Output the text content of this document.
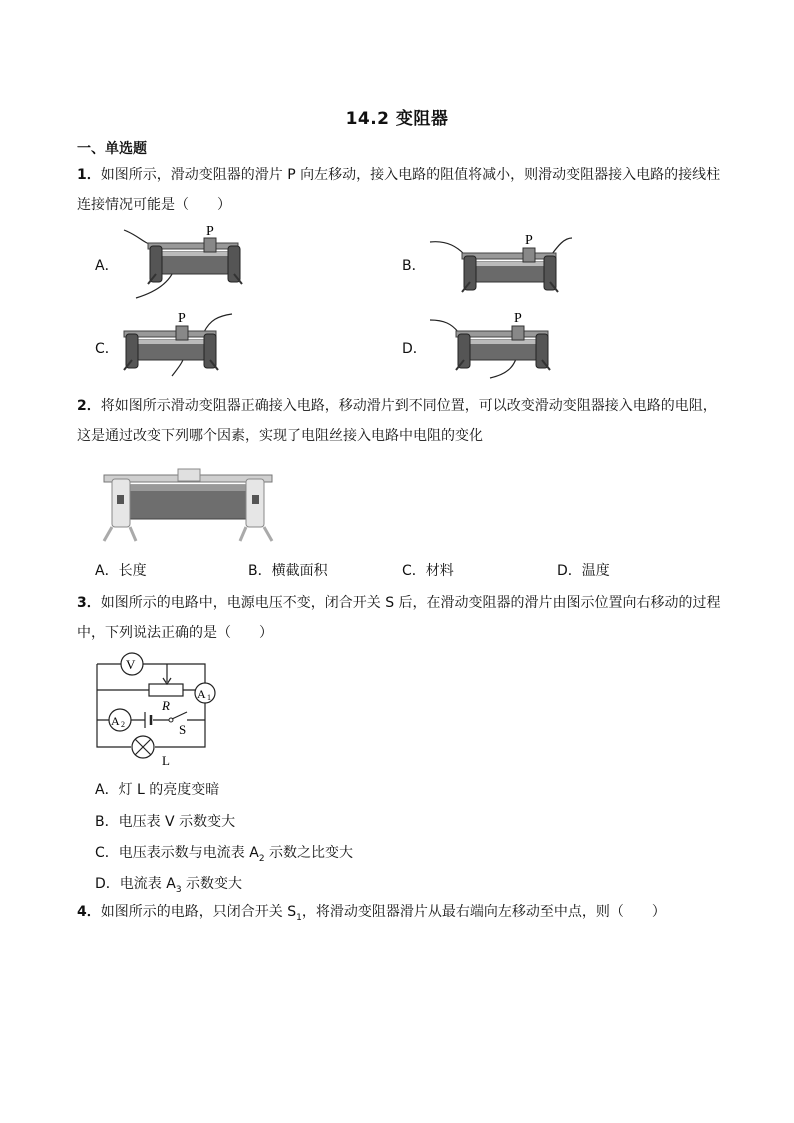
14.2 变阻器
一、单选题
1．如图所示，滑动变阻器的滑片 P 向左移动，接入电路的阻值将减小，则滑动变阻器接入电路的接线柱连接情况可能是（　　）
A．
P
B．
P
C．
P
D．
P
2．将如图所示滑动变阻器正确接入电路，移动滑片到不同位置，可以改变滑动变阻器接入电路的电阻，这是通过改变下列哪个因素，实现了电阻丝接入电路中电阻的变化
A．长度	B．横截面积	C．材料	D．温度
3．如图所示的电路中，电源电压不变，闭合开关 S 后，在滑动变阻器的滑片由图示位置向右移动的过程中，下列说法正确的是（　　）
V
A 1
A 2
R
S
L
A．灯 L 的亮度变暗
B．电压表 V 示数变大
C．电压表示数与电流表 $A_2$ 示数之比变大
D．电流表 $A_3$ 示数变大
4．如图所示的电路，只闭合开关 $S_1$，将滑动变阻器滑片从最右端向左移动至中点，则（　　）
